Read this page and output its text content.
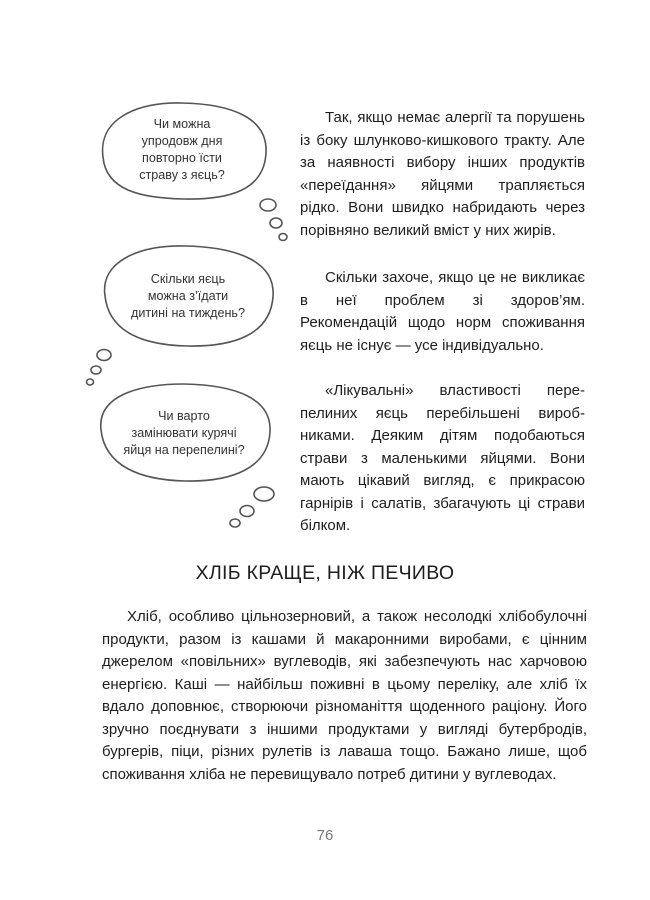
Чи можна
упродовж дня
повторно їсти
страву з яєць?
Скільки яєць
можна з’їдати
дитині на тиждень?
Чи варто
замінювати курячі
яйця на перепелині?

Так, якщо немає алергії та порушень із боку шлунково-кишкового тракту. Але за наявності вибору інших продуктів «переїдання» яйцями трапляється рідко. Вони швидко набридають через порівняно великий вміст у них жирів.

Скільки захоче, якщо це не викликає в неї проблем зі здоров’ям. Рекомендацій щодо норм споживання яєць не існує — усе індивідуально.

«Лікувальні» властивості перепелиних яєць перебільшені виробниками. Деяким дітям подобаються страви з маленькими яйцями. Вони мають цікавий вигляд, є прикрасою гарнірів і салатів, збагачують ці страви білком.

ХЛІБ КРАЩЕ, НІЖ ПЕЧИВО

Хліб, особливо цільнозерновий, а також несолодкі хлібобулочні продукти, разом із кашами й макаронними виробами, є цінним джерелом «повільних» вуглеводів, які забезпечують нас харчовою енергією. Каші — найбільш поживні в цьому переліку, але хліб їх вдало доповнює, створюючи різноманіття щоденного раціону. Його зручно поєднувати з іншими продуктами у вигляді бутербродів, бургерів, піци, різних рулетів із лаваша тощо. Бажано лише, щоб споживання хліба не перевищувало потреб дитини у вуглеводах.

76
